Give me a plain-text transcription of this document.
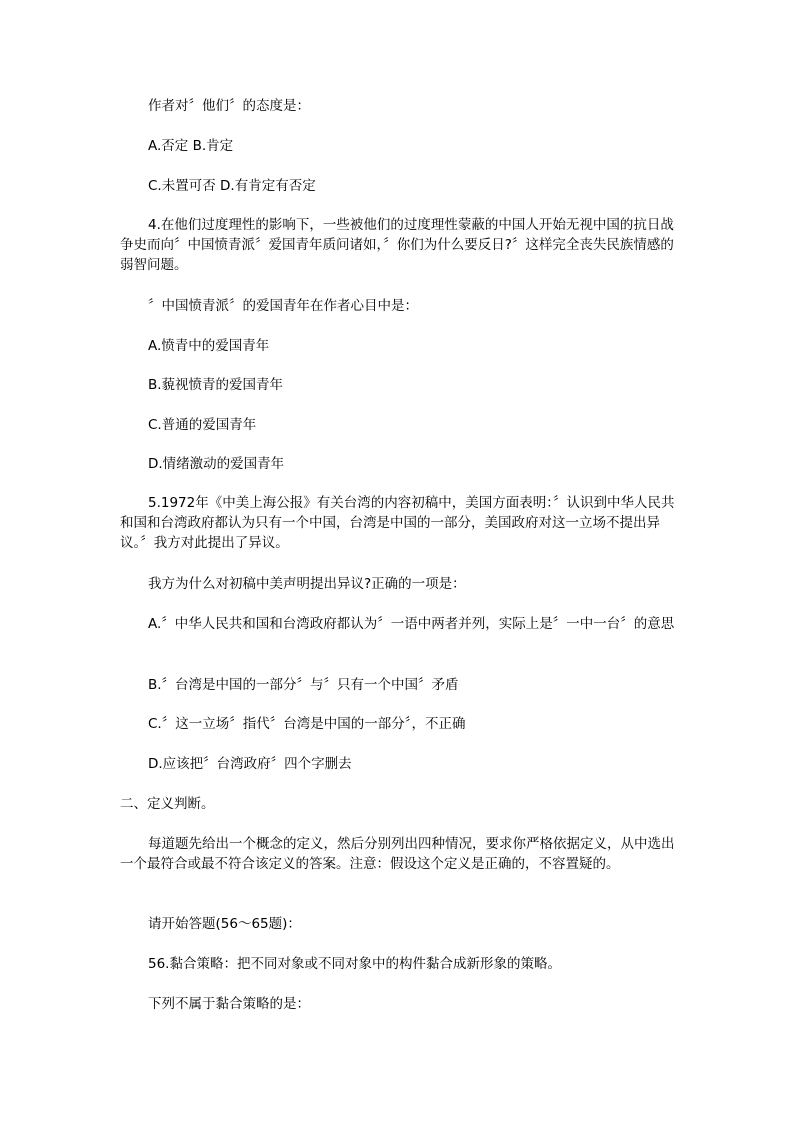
作者对〞他们〞的态度是：

A.否定 B.肯定

C.未置可否 D.有肯定有否定

4.在他们过度理性的影响下，一些被他们的过度理性蒙蔽的中国人开始无视中国的抗日战争史而向〞中国愤青派〞爱国青年质问诸如，〞你们为什么要反日?〞这样完全丧失民族情感的弱智问题。

〞中国愤青派〞的爱国青年在作者心目中是：

A.愤青中的爱国青年

B.藐视愤青的爱国青年

C.普通的爱国青年

D.情绪激动的爱国青年

5.1972年《中美上海公报》有关台湾的内容初稿中，美国方面表明：〞认识到中华人民共和国和台湾政府都认为只有一个中国，台湾是中国的一部分，美国政府对这一立场不提出异议。〞我方对此提出了异议。

我方为什么对初稿中美声明提出异议?正确的一项是：

A.〞中华人民共和国和台湾政府都认为〞一语中两者并列，实际上是〞一中一台〞的意思

B.〞台湾是中国的一部分〞与〞只有一个中国〞矛盾

C.〞这一立场〞指代〞台湾是中国的一部分〞，不正确

D.应该把〞台湾政府〞四个字删去

二、定义判断。

每道题先给出一个概念的定义，然后分别列出四种情况，要求你严格依据定义，从中选出一个最符合或最不符合该定义的答案。注意：假设这个定义是正确的，不容置疑的。

请开始答题(56～65题)：

56.黏合策略：把不同对象或不同对象中的构件黏合成新形象的策略。

下列不属于黏合策略的是：
